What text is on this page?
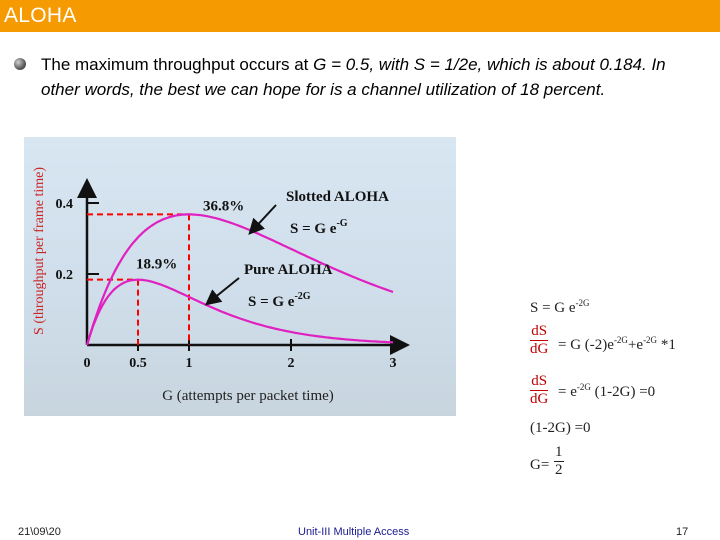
ALOHA
The maximum throughput occurs at G = 0.5, with S = 1/2e, which is about 0.184. In other words, the best we can hope for is a channel utilization of 18 percent.
0.2
0.4
0	0.5	1	2	3
36.8%
18.9%
Slotted ALOHA
S = G $e^{-G}$
Pure ALOHA
S = G $e^{-2G}$
G (attempts per packet time)
S (throughput per frame time)	S = G $e^{-2G}$
$\frac{dS}{dG} = G$ $(-2)e^{-2G}+e^{-2G}$ *1
$\frac{dS}{dG} = e^{-2G}$ (1-2G) =0
(1-2G) =0
$G= \frac{1}{2}$
21\09\20	Unit-III Multiple Access	17
